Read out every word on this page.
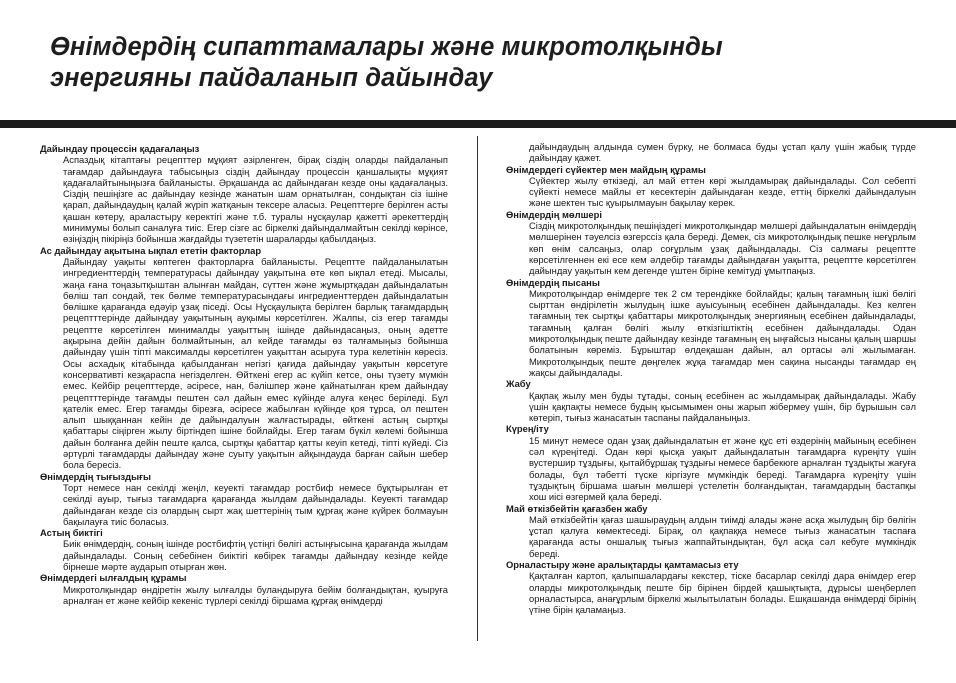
Өнімдердің сипаттамалары және микротолқынды
энергияны пайдаланып дайындау

Дайындау процессін қадағалаңыз

Аспаздық кітаптағы рецепттер мұқият әзірленген, бірақ сіздің оларды пайдаланып тағамдар дайындауға табысыңыз сіздің дайындау процессін қаншалықты мұқият қадағалайтыныңызға байланысты. Әрқашанда ас дайындаған кезде оны қадағалаңыз. Сіздің пешіңізге ас дайындау кезінде жанатын шам орнатылған, сондықтан сіз ішіне қарап, дайындаудың қалай жүріп жатқанын тексере аласыз. Рецепттерге берілген асты қашан көтеру, араластыру керектігі және т.б. туралы нұсқаулар қажетті әрекеттердің минимумы болып саналуға тиіс. Егер сізге ас біркелкі дайындалмайтын секілді көрінсе, өзіңіздің пікіріңіз бойынша жағдайды түзететін шараларды қабылдаңыз.

Ас дайындау ақытына ықпал ететін факторлар

Дайындау уақыты көптеген факторларға байланысты. Рецептте пайдаланылатын ингредиенттердің температурасы дайындау уақытына өте көп ықпал етеді. Мысалы, жаңа ғана тоңазытқыштан алынған майдан, сүттен және жұмыртқадан дайындалатын бөліш тап сондай, тек бөлме температурасындағы ингредиенттерден дайындалатын бөлішке қарағанда едәуір ұзақ піседі. Осы Нұсқаулықта берілген барлық тағамдардың рецептттерінде дайындау уақытының ауқымы көрсетілген. Жалпы, сіз егер тағамды рецептте көрсетілген минималды уақыттың ішінде дайындасаңыз, оның әдетте ақырына дейін дайын болмайтынын, ал кейде тағамды өз талғамыңыз бойынша дайындау үшін тіпті максималды көрсетілген уақыттан асыруға тура келетінін көресіз. Осы асхадық кітабында қабылданған негізгі қағида дайындау уақытын көрсетуге консервативті кезқараспа негізделген. Өйткені егер ас күйіп кетсе, оны түзету мүмкін емес. Кейбір рецепттерде, әсіресе, нан, бәлішпер және қайнатылған крем дайындау рецептттерінде тағамды пештен сәл дайын емес күйінде алуға кеңес беріледі. Бұл қателік емес. Егер тағамды бірезға, әсіресе жабылған күйінде қоя тұрса, ол пештен алып шыққаннан кейін де дайындалуын жалғастырады, өйткені астың сыртқы қабаттары сіңірген жылу біртіндеп ішіне бойлайды. Егер тағам бүкіл көлемі бойынша дайын болғанға дейін пеште қалса, сыртқы қабаттар қатты кеуіп кетеді, тіпті күйеді. Сіз әртүрлі тағамдарды дайындау және суыту уақытын айқындауда барған сайын шебер бола бересіз.

Өнімдердің тығыздығы

Торт немесе нан секілді жеңіл, кеуекті тағамдар ростбиф немесе бұқтырылған ет секілді ауыр, тығыз тағамдарға қарағанда жылдам дайындалады. Кеуекті тағамдар дайындаған кезде сіз олардың сырт жақ шеттерінің тым құрғақ және күйрек болмауын бақылауға тиіс боласыз.

Астың биктігі

Биік өнімдердің, соның ішінде ростбифтің үстіңгі бөлігі астыңғысына қарағанда жылдам дайындалады. Соның себебінен биіктігі көбірек тағамды дайындау кезінде кейде бірнеше мәрте аударып отырған жөн.

Өнімдердегі ылғалдың құрамы

Микротолқындар өндіретін жылу ылғалды буландыруға бейім болғандықтан, қуыруға арналған ет және кейбір кекеніс түрлері секілді біршама құрғақ өнімдерді

дайындаудың алдында сумен бүрку, не болмаса буды ұстап қалу үшін жабық түрде дайындау қажет.

Өнімдердегі сүйектер мен майдың құрамы

Сүйектер жылу өткізеді, ал май еттен көрі жылдамырақ дайындалады. Сол себепті сүйекті немесе майлы ет кесектерін дайындаған кезде, еттің біркелкі дайындалуын және шектен тыс қуырылмауын бақылау керек.

Өнімдердің мөлшері

Сіздің микротолқындық пешіңіздегі микротолқындар мөлшері дайындалатын өнімдердің мөлшерінен тәуелсіз өзгерссіз қала береді. Демек, сіз микротолқындық пешке неғұрлым көп өнім салсаңыз, олар соғұрлым ұзақ дайындалады. Сіз салмағы рецептте көрсетілгеннен екі есе кем әлдебір тағамды дайындаған уақытта, рецептте көрсетілген дайындау уақытын кем дегенде үштен біріне кемітуді ұмытпаңыз.

Өнімдердің пысаны

Микротолқындар өнімдерге тек 2 см терендікке бойлайды; қалың тағамның ішкі бөлігі сырттан өндірілетін жылудың ішке ауысуының есебінен дайындалады. Кез келген тағамның тек сыртқы қабаттары микротолқындық энергияның есебінен дайындалады, тағамның қалған бөлігі жылу өткізгіштіктің есебінен дайындалады. Одан микротолқындық пеште дайындау кезінде тағамның ең ыңғайсыз нысаны қалың шаршы болатынын көреміз. Бұрыштар өлдеқашан дайын, ал ортасы әлі жылымаған. Микротолқындық пеште дөңгелек жұқа тағамдар мен сақина нысанды тағамдар ең жақсы дайындалады.

Жабу

Қақпақ жылу мен буды тұтады, соның есебінен ас жылдамырақ дайындалады. Жабу үшін қақпақты немесе будың қысымымен оны жарып жібермеу үшін, бір бұрышын сәл көтеріп, тығыз жанасатын таспаны пайдаланыңыз.

Күрең/іту

15 минут немесе одан ұзақ дайындалатын ет және құс еті өздерінің майының есебінен сәл күреңітеді. Одан көрі қысқа уақыт дайындалатын тағамдарға күреңіту үшін вустершир тұздығы, қытайбұршақ тұздығы немесе барбекюге арналған тұздықты жағуға болады, бұл тәбетті түске кіргізуге мүмкіндік береді. Тағамдарға күреңіту үшін тұздықтың біршама шағын мөлшері үстелетін болғандықтан, тағамдардың бастапқы хош иісі өзгермей қала береді.

Май өткізбейтін қағазбен жабу

Май өткізбейтін қағаз шашыраудың алдын тиімді алады және асқа жылудың бір бөлігін ұстап қалуға көмектеседі. Бірақ, ол қақпаққа немесе тығыз жанасатын таспаға қарағанда асты оншалық тығыз жаппайтындықтан, бұл асқа сәл кебуге мүмкіндік береді.

Орналастыру және аралықтарды қамтамасыз ету

Қақталған картоп, қалыпшалардағы кекстер, тіске басарлар секілді дара өнімдер егер оларды микротолқындық пеште бір бірінен бірдей қашықтықта, дұрысы шеңберлеп орналастырса, анағұрлым біркелкі жылытылатын болады. Ешқашанда өнімдерді бірінің үтіне бірін қаламаңыз.
